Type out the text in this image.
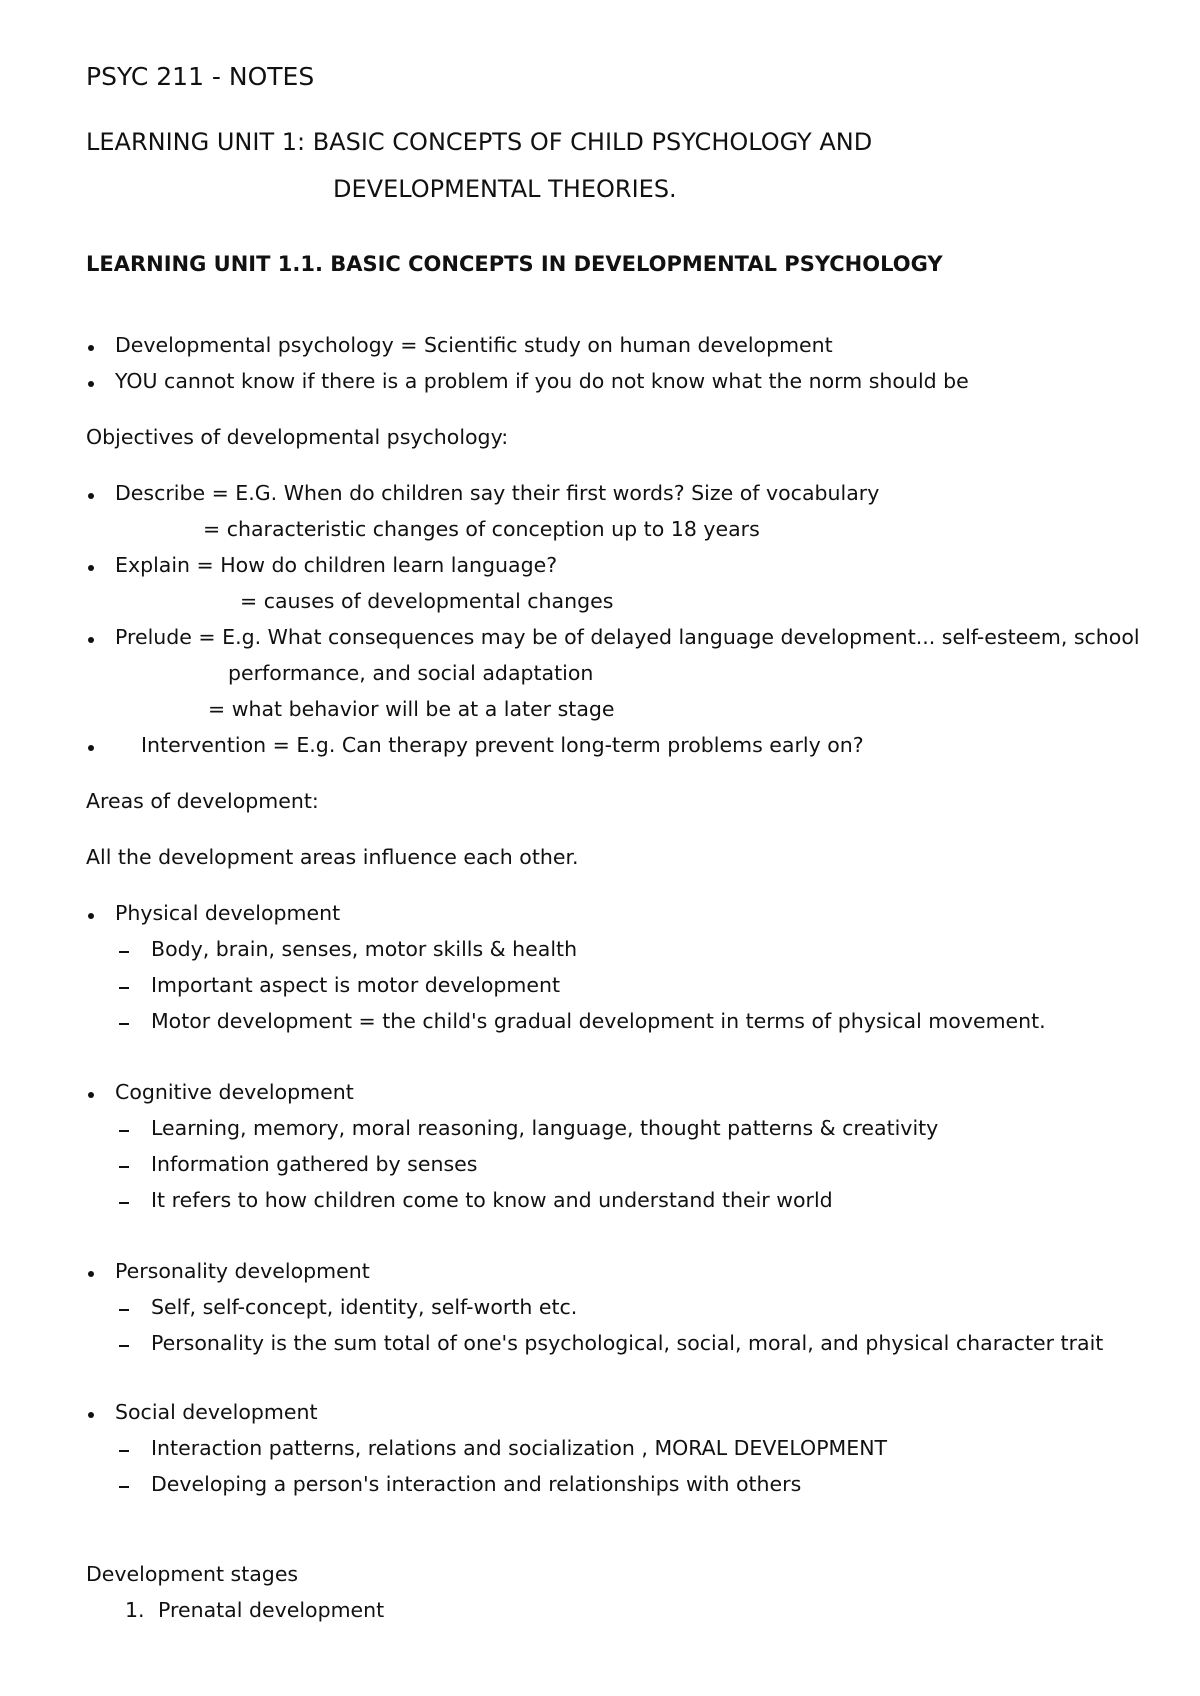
PSYC 211 - NOTES
LEARNING UNIT 1: BASIC CONCEPTS OF CHILD PSYCHOLOGY AND
DEVELOPMENTAL THEORIES.
LEARNING UNIT 1.1. BASIC CONCEPTS IN DEVELOPMENTAL PSYCHOLOGY
Developmental psychology = Scientific study on human development
YOU cannot know if there is a problem if you do not know what the norm should be
Objectives of developmental psychology:
Describe = E.G. When do children say their first words? Size of vocabulary
= characteristic changes of conception up to 18 years
Explain = How do children learn language?
= causes of developmental changes
Prelude = E.g. What consequences may be of delayed language development... self-esteem, school
performance, and social adaptation
= what behavior will be at a later stage
Intervention = E.g. Can therapy prevent long-term problems early on?
Areas of development:
All the development areas influence each other.
Physical development
Body, brain, senses, motor skills & health
Important aspect is motor development
Motor development = the child's gradual development in terms of physical movement.
Cognitive development
Learning, memory, moral reasoning, language, thought patterns & creativity
Information gathered by senses
It refers to how children come to know and understand their world
Personality development
Self, self-concept, identity, self-worth etc.
Personality is the sum total of one's psychological, social, moral, and physical character trait
Social development
Interaction patterns, relations and socialization , MORAL DEVELOPMENT
Developing a person's interaction and relationships with others
Development stages
1. Prenatal development
